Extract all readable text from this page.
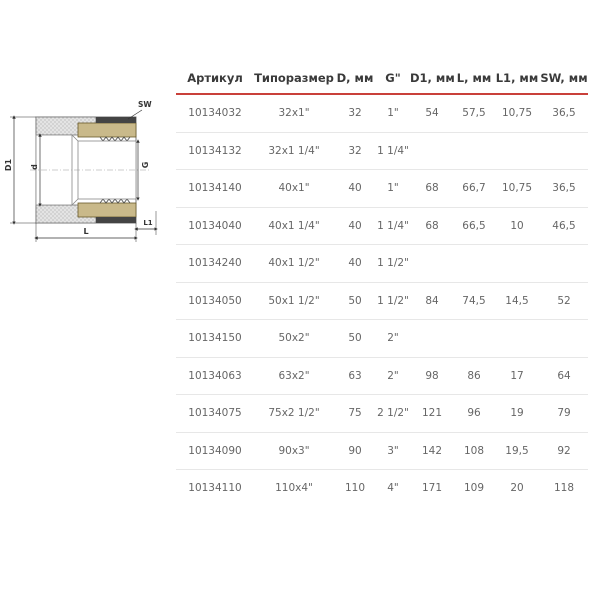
D1 d	G
SW
L
L1
Артикул	Типоразмер	D, мм	G"	D1, мм	L, мм	L1, мм	SW, мм
10134032	32x1"	32	1"	54	57,5	10,75	36,5
10134132	32x1 1/4"	32	1 1/4"				
10134140	40x1"	40	1"	68	66,7	10,75	36,5
10134040	40x1 1/4"	40	1 1/4"	68	66,5	10	46,5
10134240	40x1 1/2"	40	1 1/2"				
10134050	50x1 1/2"	50	1 1/2"	84	74,5	14,5	52
10134150	50x2"	50	2"				
10134063	63x2"	63	2"	98	86	17	64
10134075	75x2 1/2"	75	2 1/2"	121	96	19	79
10134090	90x3"	90	3"	142	108	19,5	92
10134110	110x4"	110	4"	171	109	20	118
